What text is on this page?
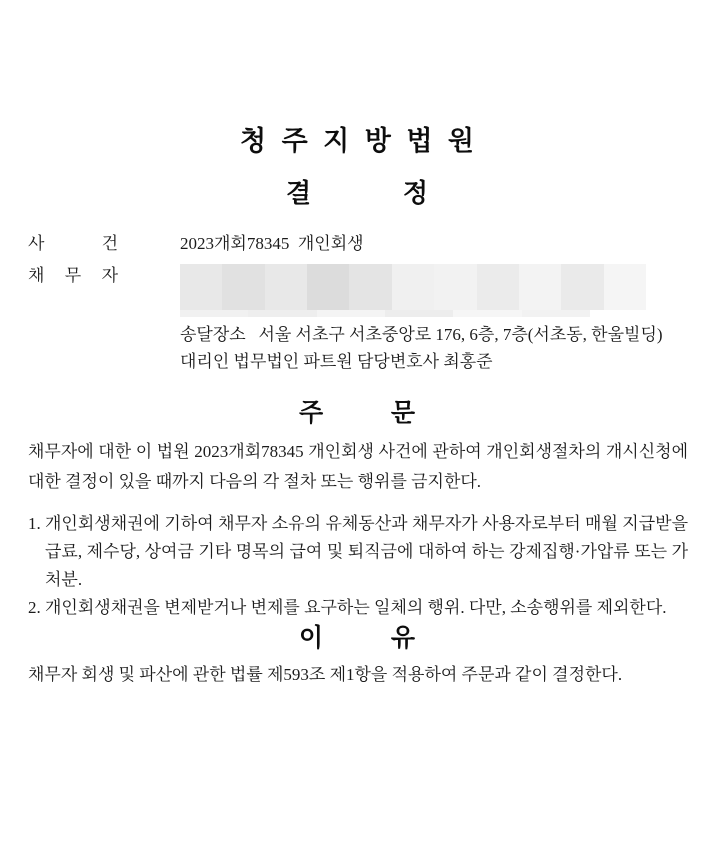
청 주 지 방 법 원
결 정
사 건	2023개회78345  개인회생
채 무 자
송달장소   서울 서초구 서초중앙로 176, 6층, 7층(서초동, 한울빌딩)
대리인 법무법인 파트원 담당변호사 최홍준
주 문
채무자에 대한 이 법원 2023개회78345 개인회생 사건에 관하여 개인회생절차의 개시신청에 대한 결정이 있을 때까지 다음의 각 절차 또는 행위를 금지한다.
1. 개인회생채권에 기하여 채무자 소유의 유체동산과 채무자가 사용자로부터 매월 지급받을 급료, 제수당, 상여금 기타 명목의 급여 및 퇴직금에 대하여 하는 강제집행·가압류 또는 가처분.
2. 개인회생채권을 변제받거나 변제를 요구하는 일체의 행위. 다만, 소송행위를 제외한다.
이 유
채무자 회생 및 파산에 관한 법률 제593조 제1항을 적용하여 주문과 같이 결정한다.
